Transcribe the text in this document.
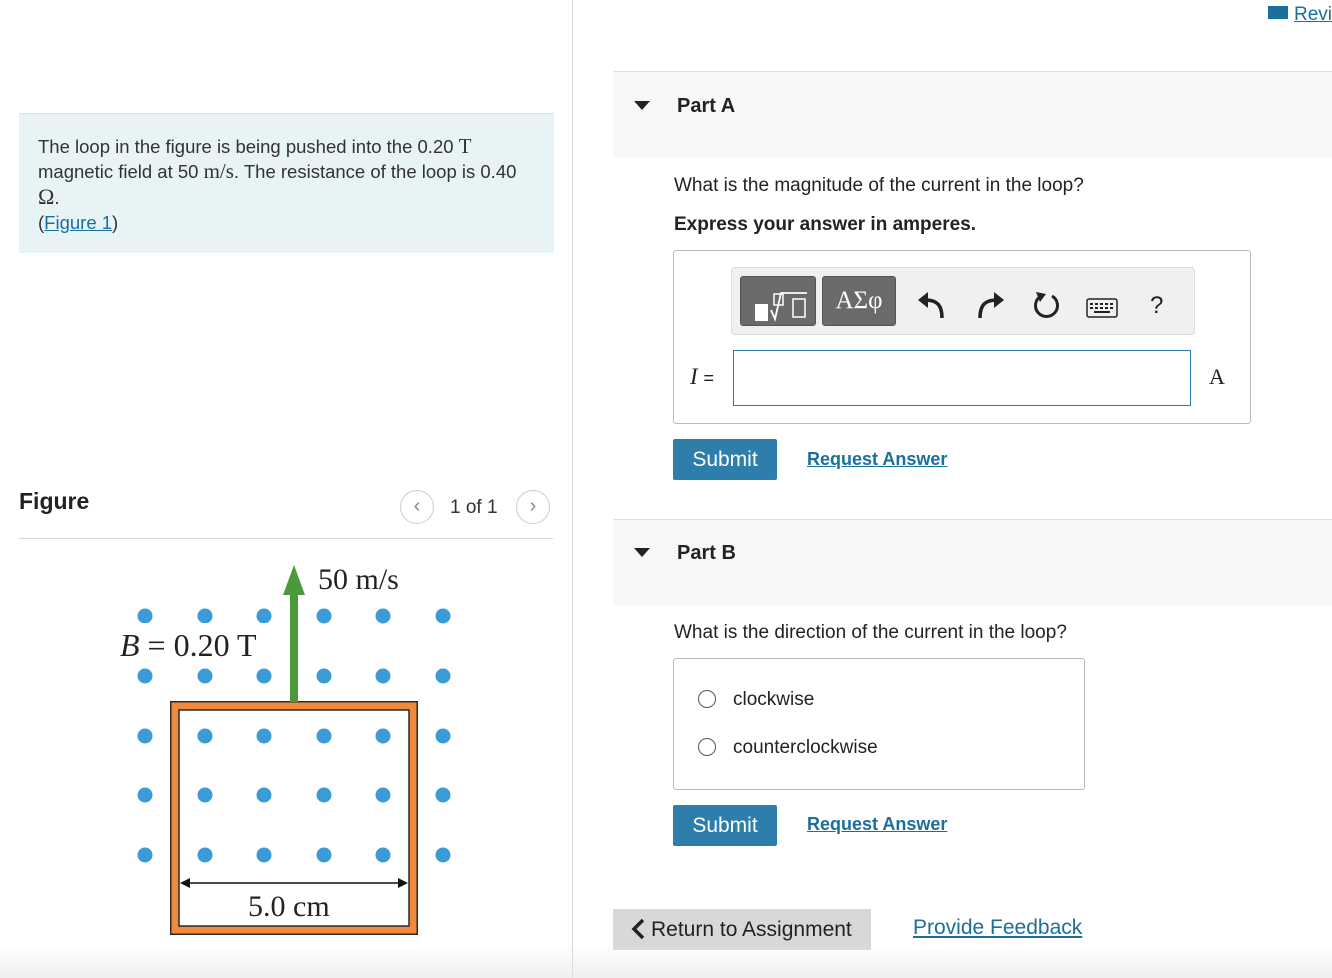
The loop in the figure is being pushed into the 0.20 T magnetic field at 50 m/s. The resistance of the loop is 0.40  Ω.
(Figure 1)
Figure	‹	1 of 1	›
50 m/s
B = 0.20 T
5.0 cm
Revi
Part A
What is the magnitude of the current in the loop?
Express your answer in amperes.
ΑΣφ	?
I =	A
Submit	Request Answer
Part B
What is the direction of the current in the loop?
clockwise
counterclockwise
Submit	Request Answer
Return to Assignment	Provide Feedback
